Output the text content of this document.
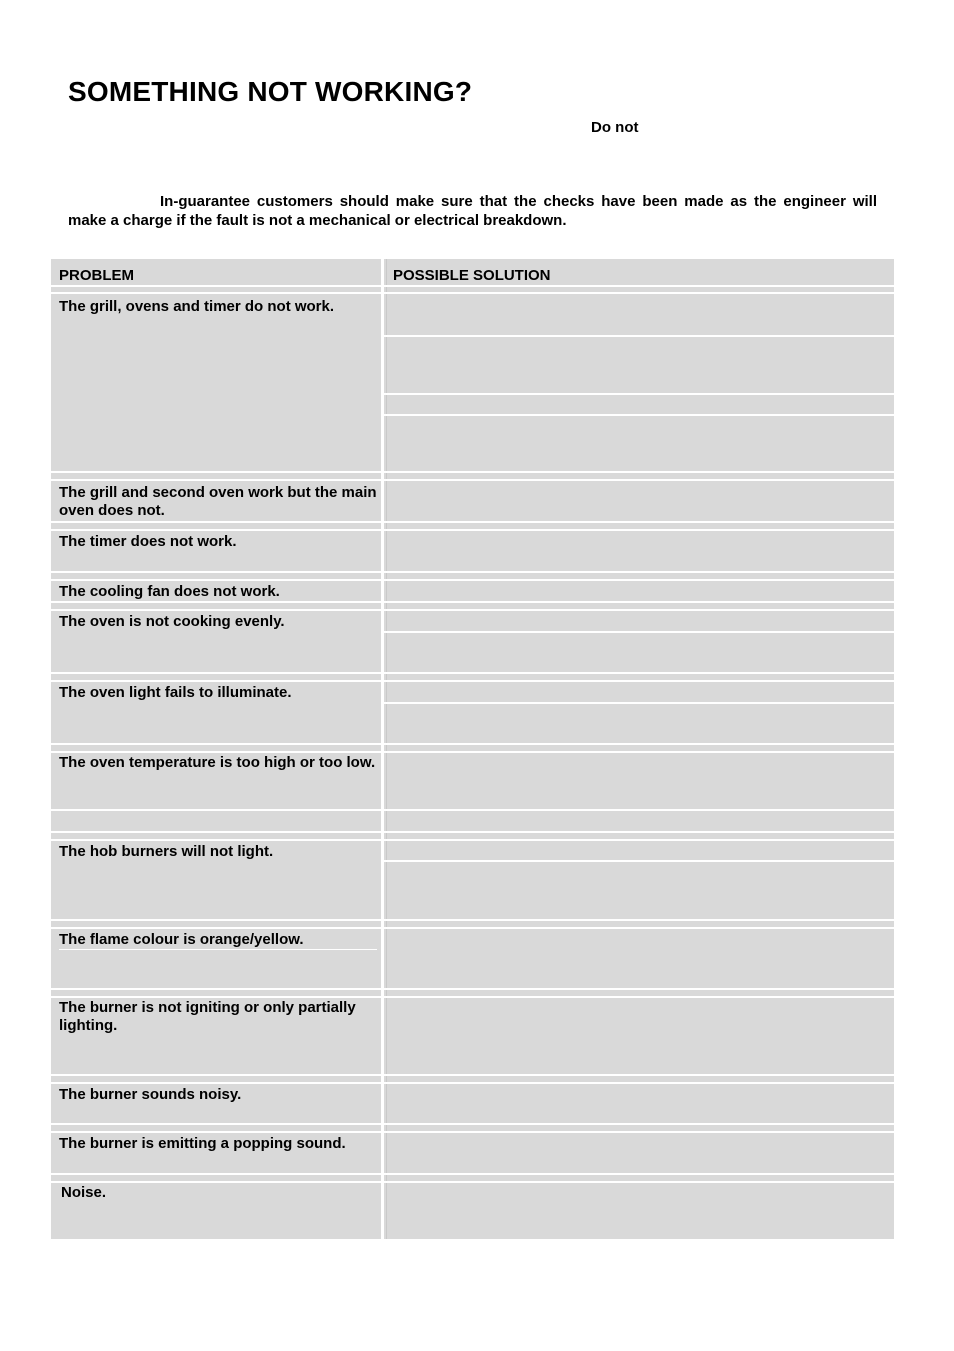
SOMETHING NOT WORKING?
Do not

In-guarantee customers should make sure that the checks have been made as the engineer will make a charge if the fault is not a mechanical or electrical breakdown.

PROBLEM	POSSIBLE SOLUTION
The grill, ovens and timer do not work.
The grill and second oven work but the main oven does not.
The timer does not work.
The cooling fan does not work.
The oven is not cooking evenly.
The oven light fails to illuminate.
The oven temperature is too high or too low.
The hob burners will not light.
The flame colour is orange/yellow.
The burner is not igniting or only partially lighting.
The burner sounds noisy.
The burner is emitting a popping sound.
Noise.
